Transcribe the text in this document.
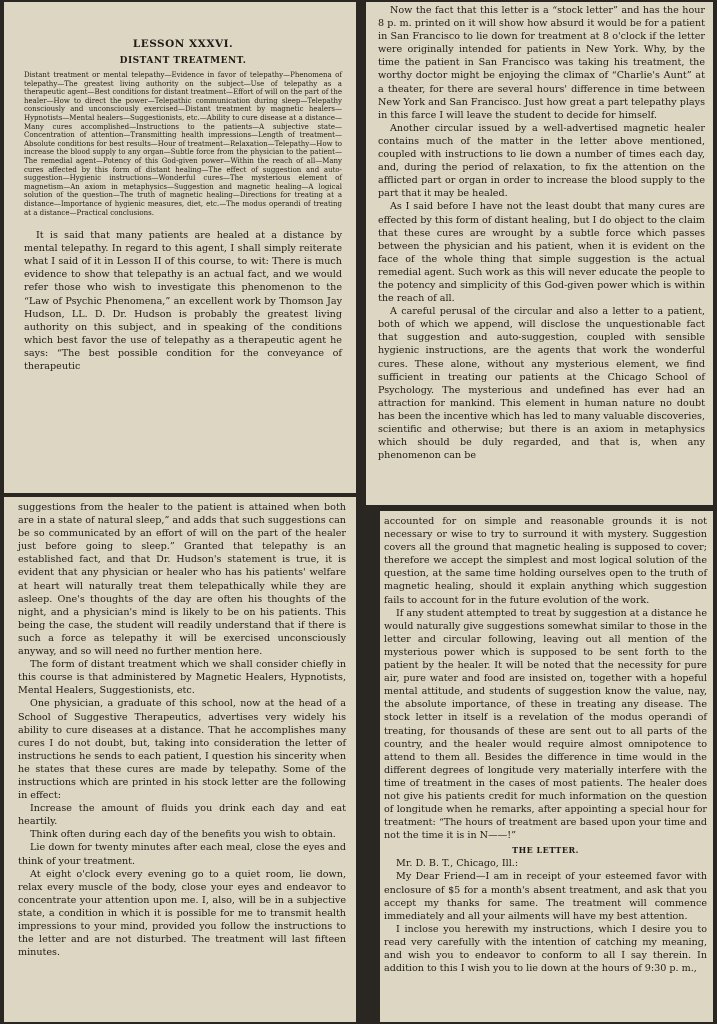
LESSON XXXVI.
DISTANT TREATMENT.

Distant treatment or mental telepathy—Evidence in favor of telepathy—Phenomena of telepathy—The greatest living authority on the subject—Use of telepathy as a therapeutic agent—Best conditions for distant treatment—Effort of will on the part of the healer—How to direct the power—Telepathic communication during sleep—Telepathy consciously and unconsciously exercised—Distant treatment by magnetic healers—Hypnotists—Mental healers—Suggestionists, etc.—Ability to cure disease at a distance—Many cures accomplished—Instructions to the patients—A subjective state—Concentration of attention—Transmitting health impressions—Length of treatment—Absolute conditions for best results—Hour of treatment—Relaxation—Telepathy—How to increase the blood supply to any organ—Subtle force from the physician to the patient—The remedial agent—Potency of this God-given power—Within the reach of all—Many cures affected by this form of distant healing—The effect of suggestion and auto-suggestion—Hygienic instructions—Wonderful cures—The mysterious element of magnetism—An axiom in metaphysics—Suggestion and magnetic healing—A logical solution of the question—The truth of magnetic healing—Directions for treating at a distance—Importance of hygienic measures, diet, etc.—The modus operandi of treating at a distance—Practical conclusions.

It is said that many patients are healed at a distance by mental telepathy. In regard to this agent, I shall simply reiterate what I said of it in Lesson II of this course, to wit: There is much evidence to show that telepathy is an actual fact, and we would refer those who wish to investigate this phenomenon to the “Law of Psychic Phenomena,” an excellent work by Thomson Jay Hudson, LL. D. Dr. Hudson is probably the greatest living authority on this subject, and in speaking of the conditions which best favor the use of telepathy as a therapeutic agent he says: “The best possible condition for the conveyance of therapeutic

Now the fact that this letter is a “stock letter” and has the hour 8 p. m. printed on it will show how absurd it would be for a patient in San Francisco to lie down for treatment at 8 o'clock if the letter were originally intended for patients in New York. Why, by the time the patient in San Francisco was taking his treatment, the worthy doctor might be enjoying the climax of “Charlie's Aunt” at a theater, for there are several hours' difference in time between New York and San Francisco. Just how great a part telepathy plays in this farce I will leave the student to decide for himself.

Another circular issued by a well-advertised magnetic healer contains much of the matter in the letter above mentioned, coupled with instructions to lie down a number of times each day, and, during the period of relaxation, to fix the attention on the afflicted part or organ in order to increase the blood supply to the part that it may be healed.

As I said before I have not the least doubt that many cures are effected by this form of distant healing, but I do object to the claim that these cures are wrought by a subtle force which passes between the physician and his patient, when it is evident on the face of the whole thing that simple suggestion is the actual remedial agent. Such work as this will never educate the people to the potency and simplicity of this God-given power which is within the reach of all.

A careful perusal of the circular and also a letter to a patient, both of which we append, will disclose the unquestionable fact that suggestion and auto-suggestion, coupled with sensible hygienic instructions, are the agents that work the wonderful cures. These alone, without any mysterious element, we find sufficient in treating our patients at the Chicago School of Psychology. The mysterious and undefined has ever had an attraction for mankind. This element in human nature no doubt has been the incentive which has led to many valuable discoveries, scientific and otherwise; but there is an axiom in metaphysics which should be duly regarded, and that is, when any phenomenon can be

suggestions from the healer to the patient is attained when both are in a state of natural sleep,” and adds that such suggestions can be so communicated by an effort of will on the part of the healer just before going to sleep.” Granted that telepathy is an established fact, and that Dr. Hudson's statement is true, it is evident that any physician or healer who has his patients' welfare at heart will naturally treat them telepathically while they are asleep. One's thoughts of the day are often his thoughts of the night, and a physician's mind is likely to be on his patients. This being the case, the student will readily understand that if there is such a force as telepathy it will be exercised unconsciously anyway, and so will need no further mention here.

The form of distant treatment which we shall consider chiefly in this course is that administered by Magnetic Healers, Hypnotists, Mental Healers, Suggestionists, etc.

One physician, a graduate of this school, now at the head of a School of Suggestive Therapeutics, advertises very widely his ability to cure diseases at a distance. That he accomplishes many cures I do not doubt, but, taking into consideration the letter of instructions he sends to each patient, I question his sincerity when he states that these cures are made by telepathy. Some of the instructions which are printed in his stock letter are the following in effect:

Increase the amount of fluids you drink each day and eat heartily.

Think often during each day of the benefits you wish to obtain.

Lie down for twenty minutes after each meal, close the eyes and think of your treatment.

At eight o'clock every evening go to a quiet room, lie down, relax every muscle of the body, close your eyes and endeavor to concentrate your attention upon me. I, also, will be in a subjective state, a condition in which it is possible for me to transmit health impressions to your mind, provided you follow the instructions to the letter and are not disturbed. The treatment will last fifteen minutes.

accounted for on simple and reasonable grounds it is not necessary or wise to try to surround it with mystery. Suggestion covers all the ground that magnetic healing is supposed to cover; therefore we accept the simplest and most logical solution of the question, at the same time holding ourselves open to the truth of magnetic healing, should it explain anything which suggestion fails to account for in the future evolution of the work.

If any student attempted to treat by suggestion at a distance he would naturally give suggestions somewhat similar to those in the letter and circular following, leaving out all mention of the mysterious power which is supposed to be sent forth to the patient by the healer. It will be noted that the necessity for pure air, pure water and food are insisted on, together with a hopeful mental attitude, and students of suggestion know the value, nay, the absolute importance, of these in treating any disease. The stock letter in itself is a revelation of the modus operandi of treating, for thousands of these are sent out to all parts of the country, and the healer would require almost omnipotence to attend to them all. Besides the difference in time would in the different degrees of longitude very materially interfere with the time of treatment in the cases of most patients. The healer does not give his patients credit for much information on the question of longitude when he remarks, after appointing a special hour for treatment: “The hours of treatment are based upon your time and not the time it is in N——!”

THE LETTER.

Mr. D. B. T., Chicago, Ill.:

My Dear Friend—I am in receipt of your esteemed favor with enclosure of $5 for a month's absent treatment, and ask that you accept my thanks for same. The treatment will commence immediately and all your ailments will have my best attention.

I inclose you herewith my instructions, which I desire you to read very carefully with the intention of catching my meaning, and wish you to endeavor to conform to all I say therein. In addition to this I wish you to lie down at the hours of 9:30 p. m.,
